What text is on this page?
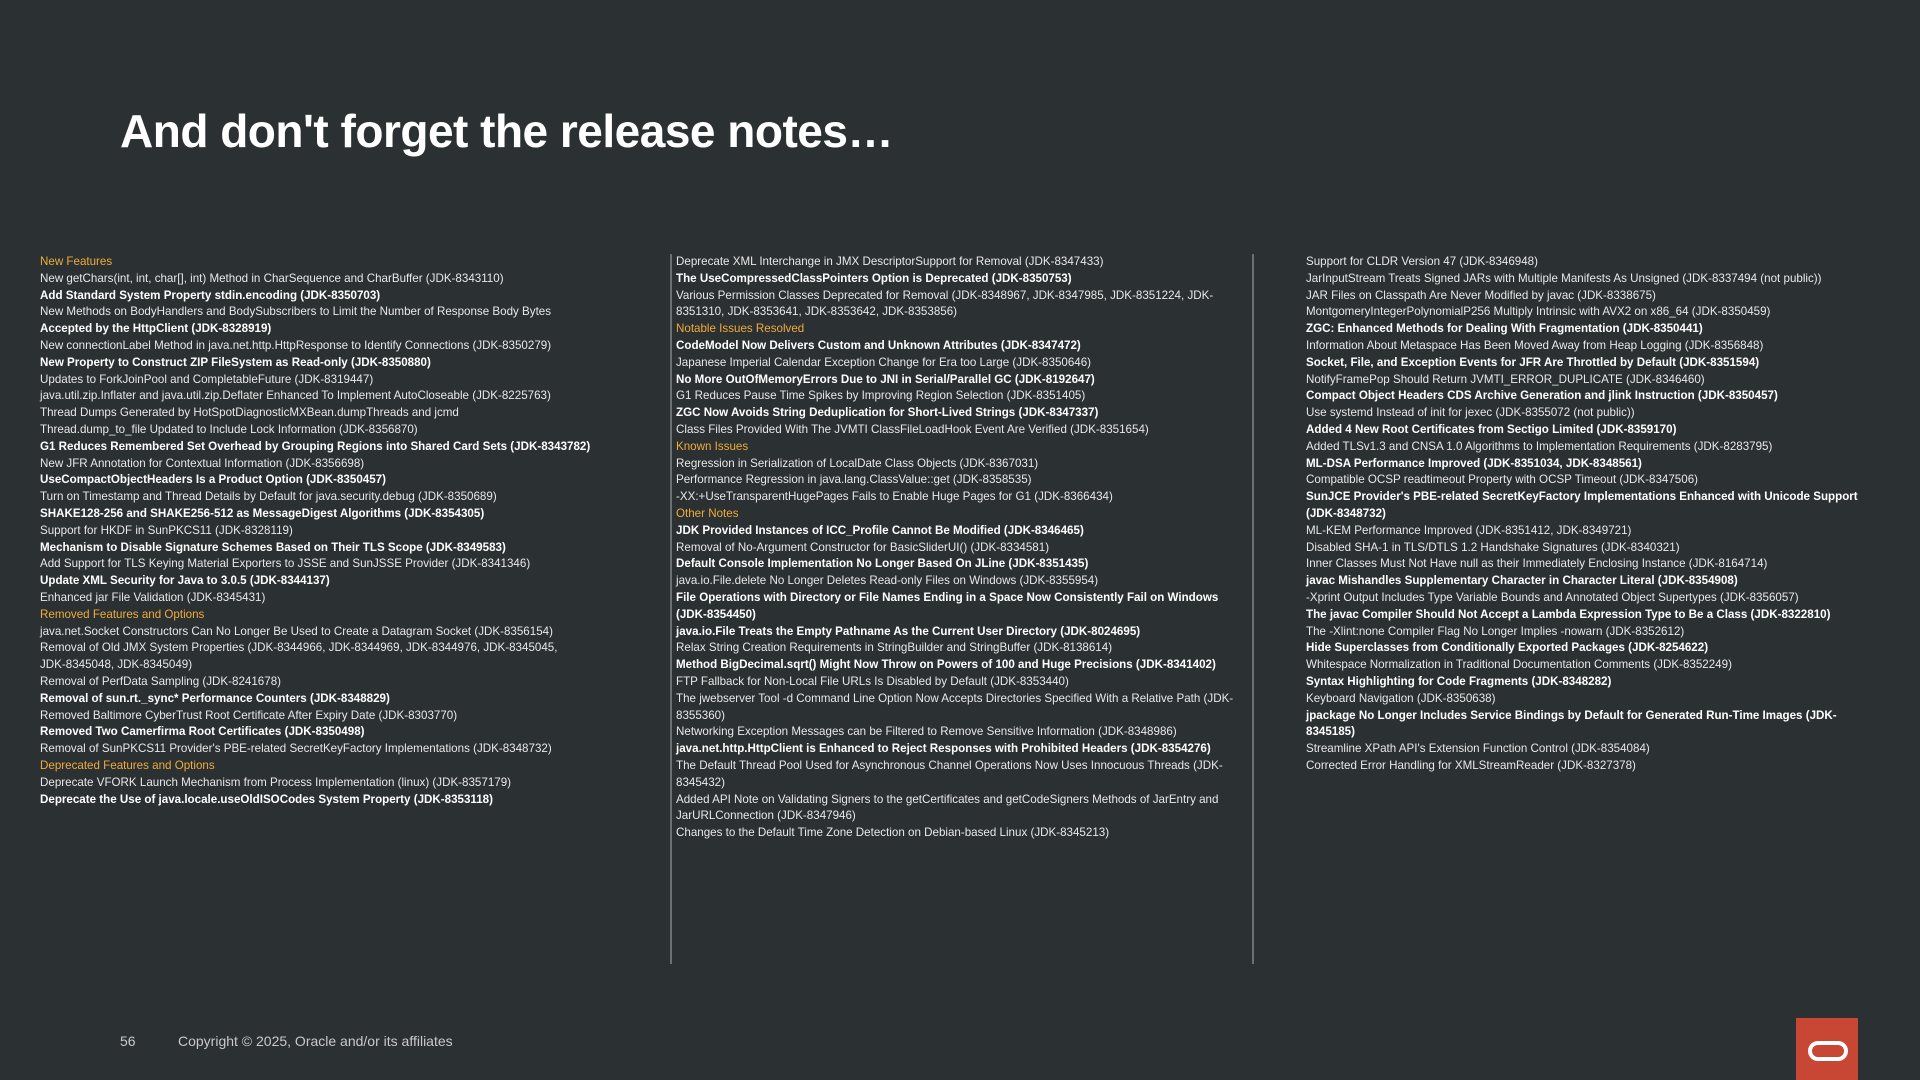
And don't forget the release notes…
New Features
New getChars(int, int, char[], int) Method in CharSequence and CharBuffer (JDK-8343110)
Add Standard System Property stdin.encoding (JDK-8350703)
New Methods on BodyHandlers and BodySubscribers to Limit the Number of Response Body Bytes
Accepted by the HttpClient (JDK-8328919)
New connectionLabel Method in java.net.http.HttpResponse to Identify Connections (JDK-8350279)
New Property to Construct ZIP FileSystem as Read-only (JDK-8350880)
Updates to ForkJoinPool and CompletableFuture (JDK-8319447)
java.util.zip.Inflater and java.util.zip.Deflater Enhanced To Implement AutoCloseable (JDK-8225763)
Thread Dumps Generated by HotSpotDiagnosticMXBean.dumpThreads and jcmd
Thread.dump_to_file Updated to Include Lock Information (JDK-8356870)
G1 Reduces Remembered Set Overhead by Grouping Regions into Shared Card Sets (JDK-8343782)
New JFR Annotation for Contextual Information (JDK-8356698)
UseCompactObjectHeaders Is a Product Option (JDK-8350457)
Turn on Timestamp and Thread Details by Default for java.security.debug (JDK-8350689)
SHAKE128-256 and SHAKE256-512 as MessageDigest Algorithms (JDK-8354305)
Support for HKDF in SunPKCS11 (JDK-8328119)
Mechanism to Disable Signature Schemes Based on Their TLS Scope (JDK-8349583)
Add Support for TLS Keying Material Exporters to JSSE and SunJSSE Provider (JDK-8341346)
Update XML Security for Java to 3.0.5 (JDK-8344137)
Enhanced jar File Validation (JDK-8345431)
Removed Features and Options
java.net.Socket Constructors Can No Longer Be Used to Create a Datagram Socket (JDK-8356154)
Removal of Old JMX System Properties (JDK-8344966, JDK-8344969, JDK-8344976, JDK-8345045,
JDK-8345048, JDK-8345049)
Removal of PerfData Sampling (JDK-8241678)
Removal of sun.rt._sync* Performance Counters (JDK-8348829)
Removed Baltimore CyberTrust Root Certificate After Expiry Date (JDK-8303770)
Removed Two Camerfirma Root Certificates (JDK-8350498)
Removal of SunPKCS11 Provider's PBE-related SecretKeyFactory Implementations (JDK-8348732)
Deprecated Features and Options
Deprecate VFORK Launch Mechanism from Process Implementation (linux) (JDK-8357179)
Deprecate the Use of java.locale.useOldISOCodes System Property (JDK-8353118)
Deprecate XML Interchange in JMX DescriptorSupport for Removal (JDK-8347433)
The UseCompressedClassPointers Option is Deprecated (JDK-8350753)
Various Permission Classes Deprecated for Removal (JDK-8348967, JDK-8347985, JDK-8351224, JDK-8351310, JDK-8353641, JDK-8353642, JDK-8353856)
Notable Issues Resolved
CodeModel Now Delivers Custom and Unknown Attributes (JDK-8347472)
Japanese Imperial Calendar Exception Change for Era too Large (JDK-8350646)
No More OutOfMemoryErrors Due to JNI in Serial/Parallel GC (JDK-8192647)
G1 Reduces Pause Time Spikes by Improving Region Selection (JDK-8351405)
ZGC Now Avoids String Deduplication for Short-Lived Strings (JDK-8347337)
Class Files Provided With The JVMTI ClassFileLoadHook Event Are Verified (JDK-8351654)
Known Issues
Regression in Serialization of LocalDate Class Objects (JDK-8367031)
Performance Regression in java.lang.ClassValue::get (JDK-8358535)
-XX:+UseTransparentHugePages Fails to Enable Huge Pages for G1 (JDK-8366434)
Other Notes
JDK Provided Instances of ICC_Profile Cannot Be Modified (JDK-8346465)
Removal of No-Argument Constructor for BasicSliderUI() (JDK-8334581)
Default Console Implementation No Longer Based On JLine (JDK-8351435)
java.io.File.delete No Longer Deletes Read-only Files on Windows (JDK-8355954)
File Operations with Directory or File Names Ending in a Space Now Consistently Fail on Windows (JDK-8354450)
java.io.File Treats the Empty Pathname As the Current User Directory (JDK-8024695)
Relax String Creation Requirements in StringBuilder and StringBuffer (JDK-8138614)
Method BigDecimal.sqrt() Might Now Throw on Powers of 100 and Huge Precisions (JDK-8341402)
FTP Fallback for Non-Local File URLs Is Disabled by Default (JDK-8353440)
The jwebserver Tool -d Command Line Option Now Accepts Directories Specified With a Relative Path (JDK-8355360)
Networking Exception Messages can be Filtered to Remove Sensitive Information (JDK-8348986)
java.net.http.HttpClient is Enhanced to Reject Responses with Prohibited Headers (JDK-8354276)
The Default Thread Pool Used for Asynchronous Channel Operations Now Uses Innocuous Threads (JDK-8345432)
Added API Note on Validating Signers to the getCertificates and getCodeSigners Methods of JarEntry and JarURLConnection (JDK-8347946)
Changes to the Default Time Zone Detection on Debian-based Linux (JDK-8345213)
Support for CLDR Version 47 (JDK-8346948)
JarInputStream Treats Signed JARs with Multiple Manifests As Unsigned (JDK-8337494 (not public))
JAR Files on Classpath Are Never Modified by javac (JDK-8338675)
MontgomeryIntegerPolynomialP256 Multiply Intrinsic with AVX2 on x86_64 (JDK-8350459)
ZGC: Enhanced Methods for Dealing With Fragmentation (JDK-8350441)
Information About Metaspace Has Been Moved Away from Heap Logging (JDK-8356848)
Socket, File, and Exception Events for JFR Are Throttled by Default (JDK-8351594)
NotifyFramePop Should Return JVMTI_ERROR_DUPLICATE (JDK-8346460)
Compact Object Headers CDS Archive Generation and jlink Instruction (JDK-8350457)
Use systemd Instead of init for jexec (JDK-8355072 (not public))
Added 4 New Root Certificates from Sectigo Limited (JDK-8359170)
Added TLSv1.3 and CNSA 1.0 Algorithms to Implementation Requirements (JDK-8283795)
ML-DSA Performance Improved (JDK-8351034, JDK-8348561)
Compatible OCSP readtimeout Property with OCSP Timeout (JDK-8347506)
SunJCE Provider's PBE-related SecretKeyFactory Implementations Enhanced with Unicode Support (JDK-8348732)
ML-KEM Performance Improved (JDK-8351412, JDK-8349721)
Disabled SHA-1 in TLS/DTLS 1.2 Handshake Signatures (JDK-8340321)
Inner Classes Must Not Have null as their Immediately Enclosing Instance (JDK-8164714)
javac Mishandles Supplementary Character in Character Literal (JDK-8354908)
-Xprint Output Includes Type Variable Bounds and Annotated Object Supertypes (JDK-8356057)
The javac Compiler Should Not Accept a Lambda Expression Type to Be a Class (JDK-8322810)
The -Xlint:none Compiler Flag No Longer Implies -nowarn (JDK-8352612)
Hide Superclasses from Conditionally Exported Packages (JDK-8254622)
Whitespace Normalization in Traditional Documentation Comments (JDK-8352249)
Syntax Highlighting for Code Fragments (JDK-8348282)
Keyboard Navigation (JDK-8350638)
jpackage No Longer Includes Service Bindings by Default for Generated Run-Time Images (JDK-8345185)
Streamline XPath API's Extension Function Control (JDK-8354084)
Corrected Error Handling for XMLStreamReader (JDK-8327378)
56	Copyright © 2025, Oracle and/or its affiliates
